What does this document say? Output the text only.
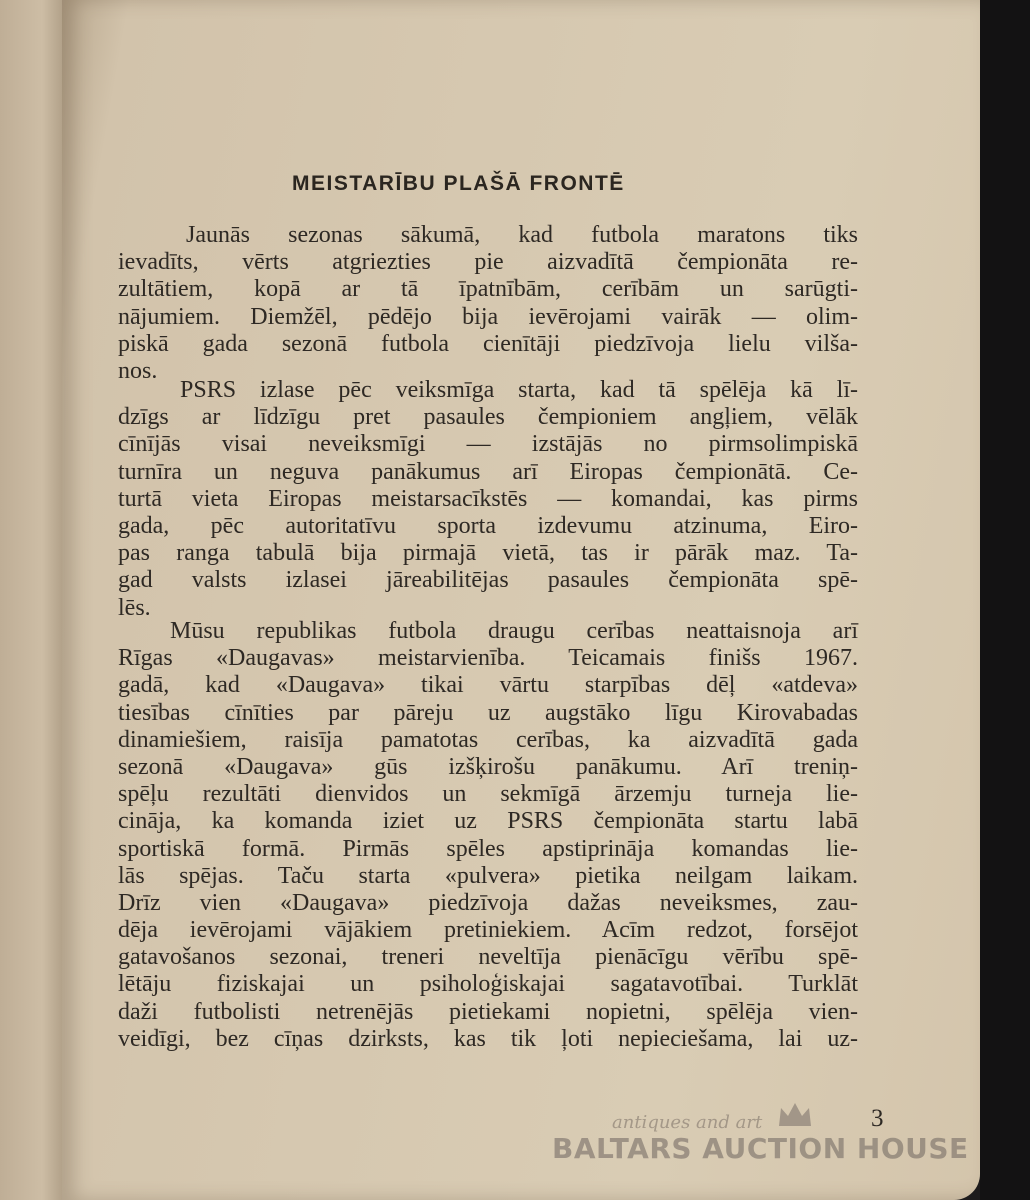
MEISTARĪBU PLAŠĀ FRONTĒ
Jaunās sezonas sākumā, kad futbola maratons tiks
ievadīts, vērts atgriezties pie aizvadītā čempionāta re-
zultātiem, kopā ar tā īpatnībām, cerībām un sarūgti-
nājumiem. Diemžēl, pēdējo bija ievērojami vairāk — olim-
piskā gada sezonā futbola cienītāji piedzīvoja lielu vilša-
nos.
PSRS izlase pēc veiksmīga starta, kad tā spēlēja kā lī-
dzīgs ar līdzīgu pret pasaules čempioniem angļiem, vēlāk
cīnījās visai neveiksmīgi — izstājās no pirmsolimpiskā
turnīra un neguva panākumus arī Eiropas čempionātā. Ce-
turtā vieta Eiropas meistarsacīkstēs — komandai, kas pirms
gada, pēc autoritatīvu sporta izdevumu atzinuma, Eiro-
pas ranga tabulā bija pirmajā vietā, tas ir pārāk maz. Ta-
gad valsts izlasei jāreabilitējas pasaules čempionāta spē-
lēs.
Mūsu republikas futbola draugu cerības neattaisnoja arī
Rīgas «Daugavas» meistarvienība. Teicamais finišs 1967.
gadā, kad «Daugava» tikai vārtu starpības dēļ «atdeva»
tiesības cīnīties par pāreju uz augstāko līgu Kirovabadas
dinamiešiem, raisīja pamatotas cerības, ka aizvadītā gada
sezonā «Daugava» gūs izšķirošu panākumu. Arī treniņ-
spēļu rezultāti dienvidos un sekmīgā ārzemju turneja lie-
cināja, ka komanda iziet uz PSRS čempionāta startu labā
sportiskā formā. Pirmās spēles apstiprināja komandas lie-
lās spējas. Taču starta «pulvera» pietika neilgam laikam.
Drīz vien «Daugava» piedzīvoja dažas neveiksmes, zau-
dēja ievērojami vājākiem pretiniekiem. Acīm redzot, forsējot
gatavošanos sezonai, treneri neveltīja pienācīgu vērību spē-
lētāju fiziskajai un psiholoģiskajai sagatavotībai. Turklāt
daži futbolisti netrenējās pietiekami nopietni, spēlēja vien-
veidīgi, bez cīņas dzirksts, kas tik ļoti nepieciešama, lai uz-
antiques and art
BALTARS AUCTION HOUSE
3
